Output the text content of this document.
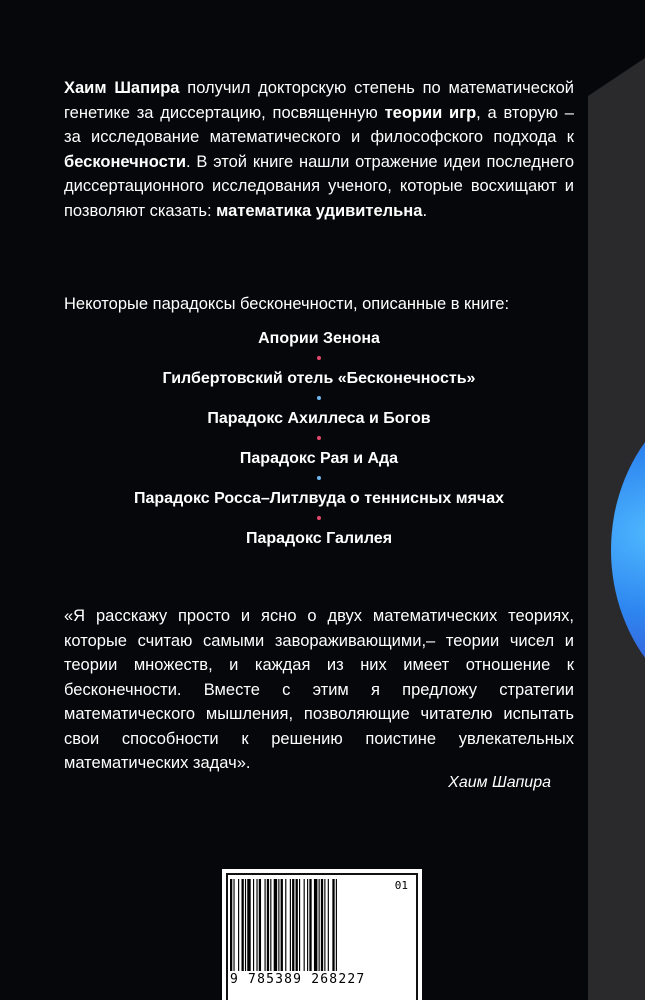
Хаим Шапира получил докторскую степень по математической генетике за диссертацию, посвященную теории игр, а вторую – за исследование математического и философского подхода к бесконечности. В этой книге нашли отражение идеи последнего диссертационного исследования ученого, которые восхищают и позволяют сказать: математика удивительна.
Некоторые парадоксы бесконечности, описанные в книге:
Апории Зенона
Гилбертовский отель «Бесконечность»
Парадокс Ахиллеса и Богов
Парадокс Рая и Ада
Парадокс Росса–Литлвуда о теннисных мячах
Парадокс Галилея
«Я расскажу просто и ясно о двух математических теориях, которые считаю самыми завораживающими,– теории чисел и теории множеств, и каждая из них имеет отношение к бесконечности. Вместе с этим я предложу стратегии математического мышления, позволяющие читателю испытать свои способности к решению поистине увлекательных математических задач».
Хаим Шапира
01
9 785389 268227
